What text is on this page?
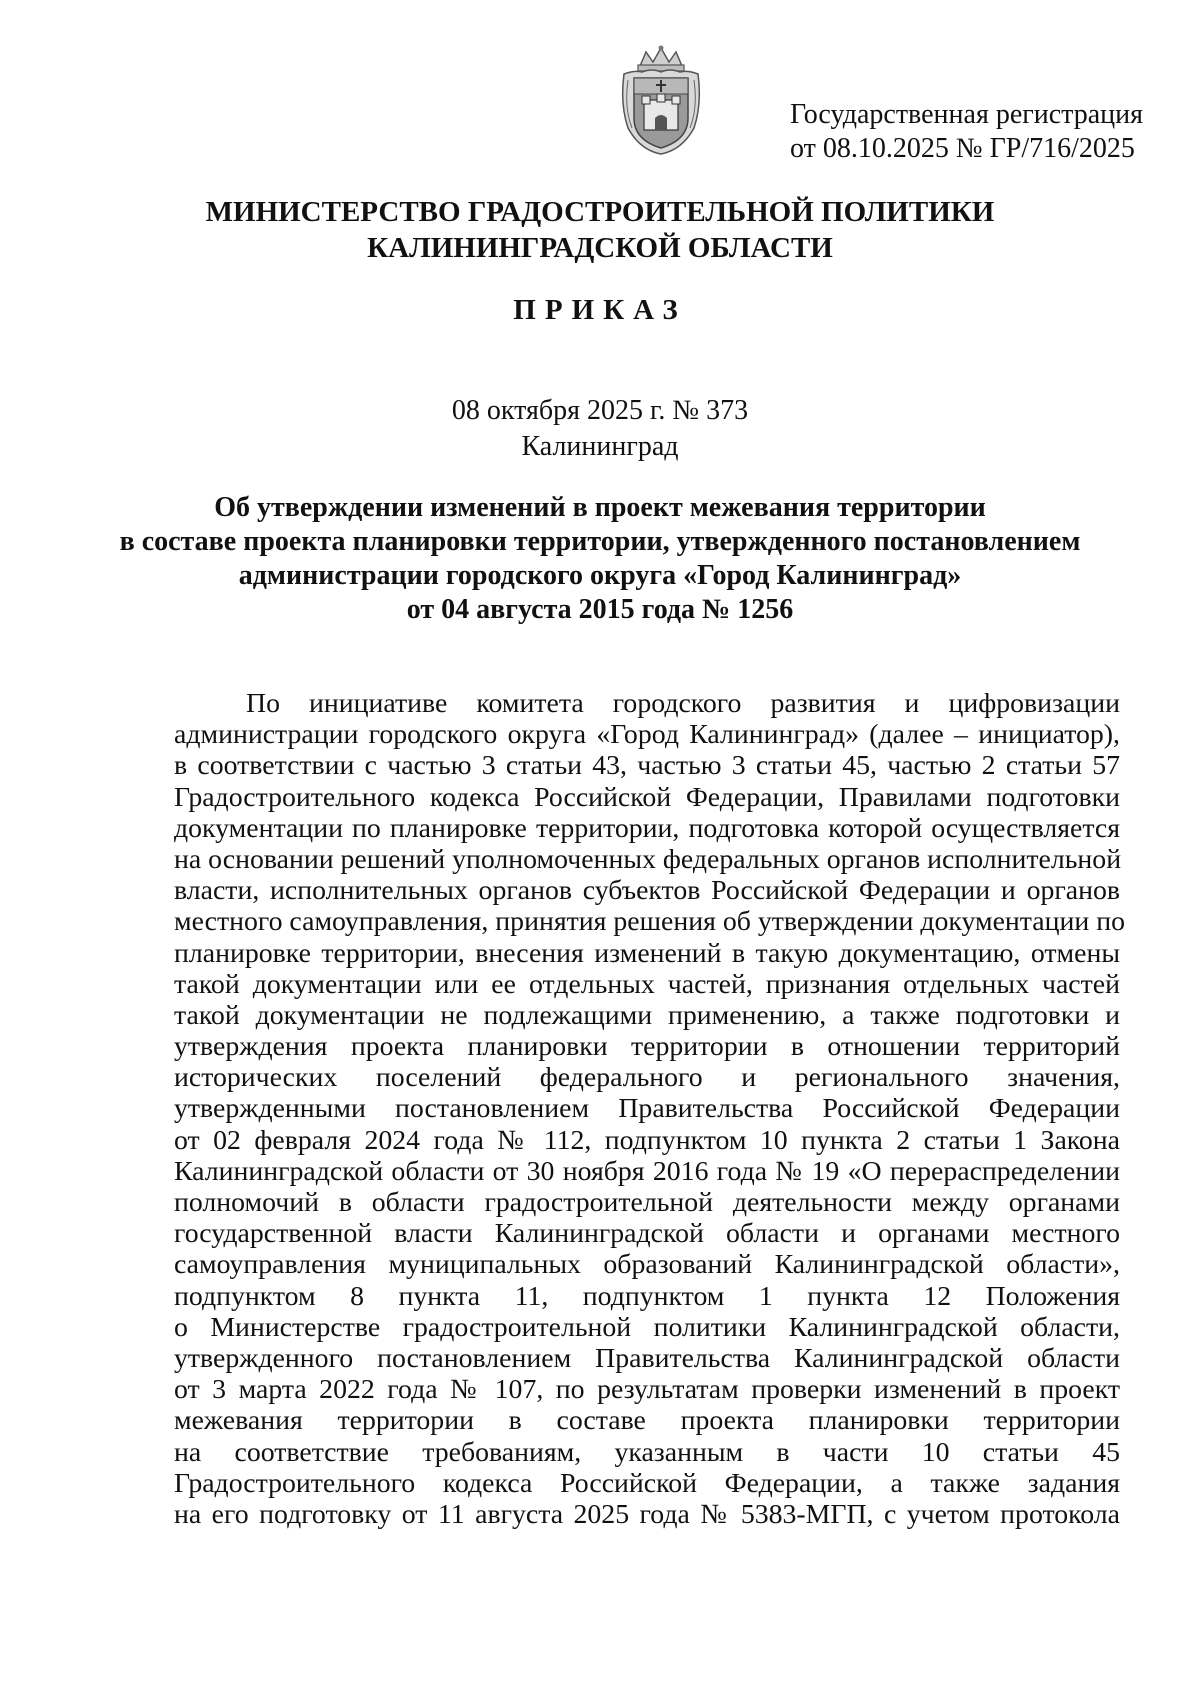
Государственная регистрация
от 08.10.2025 № ГР/716/2025
МИНИСТЕРСТВО ГРАДОСТРОИТЕЛЬНОЙ ПОЛИТИКИ
КАЛИНИНГРАДСКОЙ ОБЛАСТИ
ПРИКАЗ
08 октября 2025 г. № 373
Калининград
Об утверждении изменений в проект межевания территории
в составе проекта планировки территории, утвержденного постановлением
администрации городского округа «Город Калининград»
от 04 августа 2015 года № 1256
По инициативе комитета городского развития и цифровизации
администрации городского округа «Город Калининград» (далее – инициатор),
в соответствии с частью 3 статьи 43, частью 3 статьи 45, частью 2 статьи 57
Градостроительного кодекса Российской Федерации, Правилами подготовки
документации по планировке территории, подготовка которой осуществляется
на основании решений уполномоченных федеральных органов исполнительной
власти, исполнительных органов субъектов Российской Федерации и органов
местного самоуправления, принятия решения об утверждении документации по
планировке территории, внесения изменений в такую документацию, отмены
такой документации или ее отдельных частей, признания отдельных частей
такой документации не подлежащими применению, а также подготовки и
утверждения проекта планировки территории в отношении территорий
исторических поселений федерального и регионального значения,
утвержденными постановлением Правительства Российской Федерации
от 02 февраля 2024 года № 112, подпунктом 10 пункта 2 статьи 1 Закона
Калининградской области от 30 ноября 2016 года № 19 «О перераспределении
полномочий в области градостроительной деятельности между органами
государственной власти Калининградской области и органами местного
самоуправления муниципальных образований Калининградской области»,
подпунктом 8 пункта 11, подпунктом 1 пункта 12 Положения
о Министерстве градостроительной политики Калининградской области,
утвержденного постановлением Правительства Калининградской области
от 3 марта 2022 года № 107, по результатам проверки изменений в проект
межевания территории в составе проекта планировки территории
на соответствие требованиям, указанным в части 10 статьи 45
Градостроительного кодекса Российской Федерации, а также задания
на его подготовку от 11 августа 2025 года № 5383-МГП, с учетом протокола
